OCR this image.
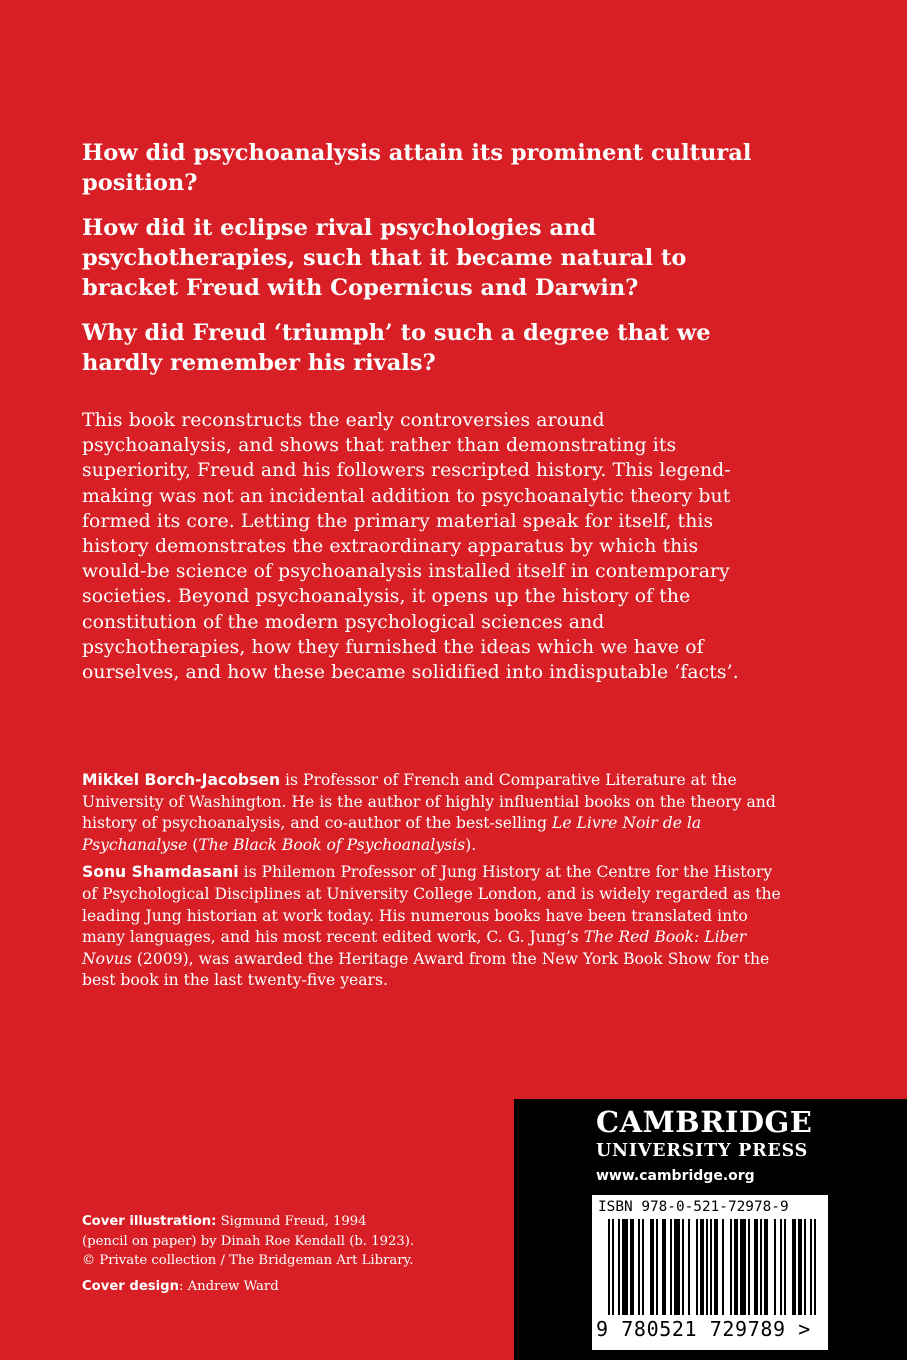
How did psychoanalysis attain its prominent cultural position?

How did it eclipse rival psychologies and psychotherapies, such that it became natural to bracket Freud with Copernicus and Darwin?

Why did Freud ‘triumph’ to such a degree that we hardly remember his rivals?

This book reconstructs the early controversies around psychoanalysis, and shows that rather than demonstrating its superiority, Freud and his followers rescripted history. This legend-making was not an incidental addition to psychoanalytic theory but formed its core. Letting the primary material speak for itself, this history demonstrates the extraordinary apparatus by which this would-be science of psychoanalysis installed itself in contemporary societies. Beyond psychoanalysis, it opens up the history of the constitution of the modern psychological sciences and psychotherapies, how they furnished the ideas which we have of ourselves, and how these became solidified into indisputable ‘facts’.

Mikkel Borch-Jacobsen is Professor of French and Comparative Literature at the University of Washington. He is the author of highly influential books on the theory and history of psychoanalysis, and co-author of the best-selling Le Livre Noir de la Psychanalyse (The Black Book of Psychoanalysis).

Sonu Shamdasani is Philemon Professor of Jung History at the Centre for the History of Psychological Disciplines at University College London, and is widely regarded as the leading Jung historian at work today. His numerous books have been translated into many languages, and his most recent edited work, C. G. Jung’s The Red Book: Liber Novus (2009), was awarded the Heritage Award from the New York Book Show for the best book in the last twenty-five years.

Cover illustration: Sigmund Freud, 1994
(pencil on paper) by Dinah Roe Kendall (b. 1923).
© Private collection / The Bridgeman Art Library.

Cover design: Andrew Ward

CAMBRIDGE
UNIVERSITY PRESS
www.cambridge.org
ISBN 978-0-521-72978-9
9 780521 729789 >
